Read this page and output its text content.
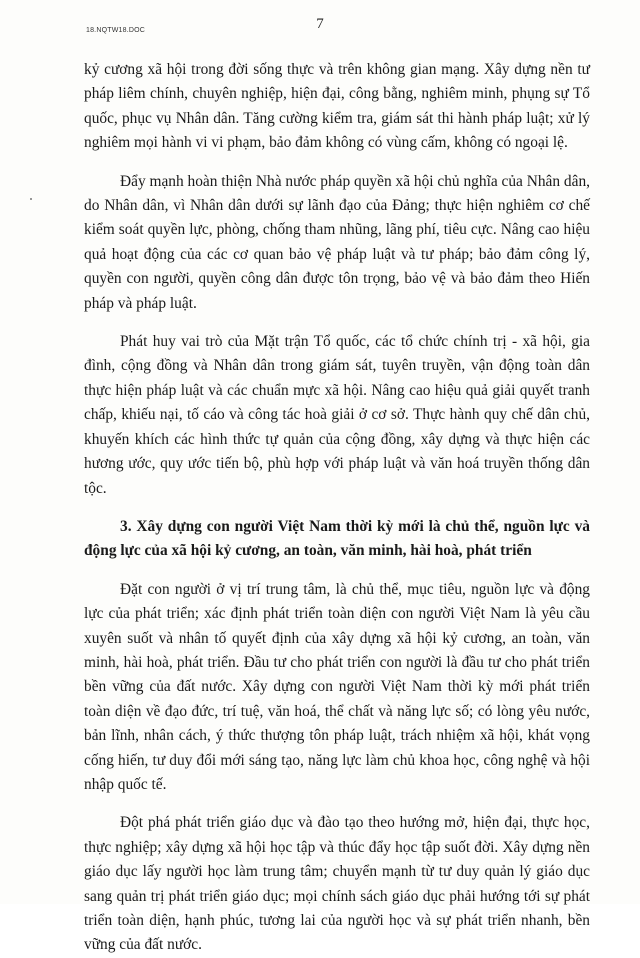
18.NQTW18.DOC	7

kỷ cương xã hội trong đời sống thực và trên không gian mạng. Xây dựng nền tư pháp liêm chính, chuyên nghiệp, hiện đại, công bằng, nghiêm minh, phụng sự Tổ quốc, phục vụ Nhân dân. Tăng cường kiểm tra, giám sát thi hành pháp luật; xử lý nghiêm mọi hành vi vi phạm, bảo đảm không có vùng cấm, không có ngoại lệ.

Đẩy mạnh hoàn thiện Nhà nước pháp quyền xã hội chủ nghĩa của Nhân dân, do Nhân dân, vì Nhân dân dưới sự lãnh đạo của Đảng; thực hiện nghiêm cơ chế kiểm soát quyền lực, phòng, chống tham nhũng, lãng phí, tiêu cực. Nâng cao hiệu quả hoạt động của các cơ quan bảo vệ pháp luật và tư pháp; bảo đảm công lý, quyền con người, quyền công dân được tôn trọng, bảo vệ và bảo đảm theo Hiến pháp và pháp luật.

Phát huy vai trò của Mặt trận Tổ quốc, các tổ chức chính trị - xã hội, gia đình, cộng đồng và Nhân dân trong giám sát, tuyên truyền, vận động toàn dân thực hiện pháp luật và các chuẩn mực xã hội. Nâng cao hiệu quả giải quyết tranh chấp, khiếu nại, tố cáo và công tác hoà giải ở cơ sở. Thực hành quy chế dân chủ, khuyến khích các hình thức tự quản của cộng đồng, xây dựng và thực hiện các hương ước, quy ước tiến bộ, phù hợp với pháp luật và văn hoá truyền thống dân tộc.

3. Xây dựng con người Việt Nam thời kỳ mới là chủ thể, nguồn lực và động lực của xã hội kỷ cương, an toàn, văn minh, hài hoà, phát triển

Đặt con người ở vị trí trung tâm, là chủ thể, mục tiêu, nguồn lực và động lực của phát triển; xác định phát triển toàn diện con người Việt Nam là yêu cầu xuyên suốt và nhân tố quyết định của xây dựng xã hội kỷ cương, an toàn, văn minh, hài hoà, phát triển. Đầu tư cho phát triển con người là đầu tư cho phát triển bền vững của đất nước. Xây dựng con người Việt Nam thời kỳ mới phát triển toàn diện về đạo đức, trí tuệ, văn hoá, thể chất và năng lực số; có lòng yêu nước, bản lĩnh, nhân cách, ý thức thượng tôn pháp luật, trách nhiệm xã hội, khát vọng cống hiến, tư duy đổi mới sáng tạo, năng lực làm chủ khoa học, công nghệ và hội nhập quốc tế.

Đột phá phát triển giáo dục và đào tạo theo hướng mở, hiện đại, thực học, thực nghiệp; xây dựng xã hội học tập và thúc đẩy học tập suốt đời. Xây dựng nền giáo dục lấy người học làm trung tâm; chuyển mạnh từ tư duy quản lý giáo dục sang quản trị phát triển giáo dục; mọi chính sách giáo dục phải hướng tới sự phát triển toàn diện, hạnh phúc, tương lai của người học và sự phát triển nhanh, bền vững của đất nước.
